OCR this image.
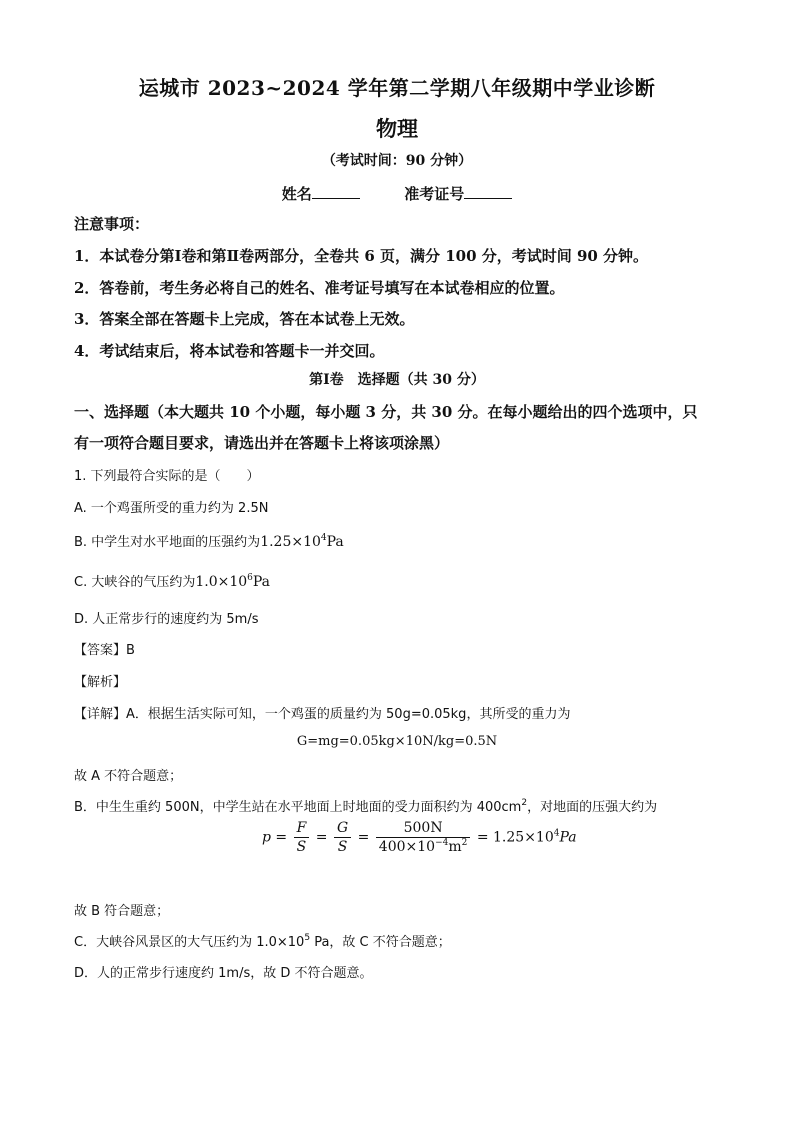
运城市 2023~2024 学年第二学期八年级期中学业诊断
物理
（考试时间：90 分钟）
姓名	准考证号
注意事项：
1．本试卷分第Ⅰ卷和第Ⅱ卷两部分，全卷共 6 页，满分 100 分，考试时间 90 分钟。
2．答卷前，考生务必将自己的姓名、准考证号填写在本试卷相应的位置。
3．答案全部在答题卡上完成，答在本试卷上无效。
4．考试结束后，将本试卷和答题卡一并交回。
第Ⅰ卷　选择题（共 30 分）
一、选择题（本大题共 10 个小题，每小题 3 分，共 30 分。在每小题给出的四个选项中，只
有一项符合题目要求，请选出并在答题卡上将该项涂黑）
1. 下列最符合实际的是（　　）
A. 一个鸡蛋所受的重力约为 2.5N
B. 中学生对水平地面的压强约为$1.25\times 10^4Pa$
C. 大峡谷的气压约为$1.0\times 10^6Pa$
D. 人正常步行的速度约为 5m/s
【答案】B
【解析】
【详解】A．根据生活实际可知，一个鸡蛋的质量约为 50g=0.05kg，其所受的重力为
G=mg=0.05kg×10N/kg=0.5N
故 A 不符合题意；
B．中生生重约 500N，中学生站在水平地面上时地面的受力面积约为 $400cm^2$，对地面的压强大约为
$p = \frac{F}{S} = \frac{G}{S} = \frac{500N}{400\times 10^{-4}m^2} = 1.25\times 10^4Pa$
故 B 符合题意；
C．大峡谷风景区的大气压约为 $1.0\times 10^5$ Pa，故 C 不符合题意；
D．人的正常步行速度约 1m/s，故 D 不符合题意。
